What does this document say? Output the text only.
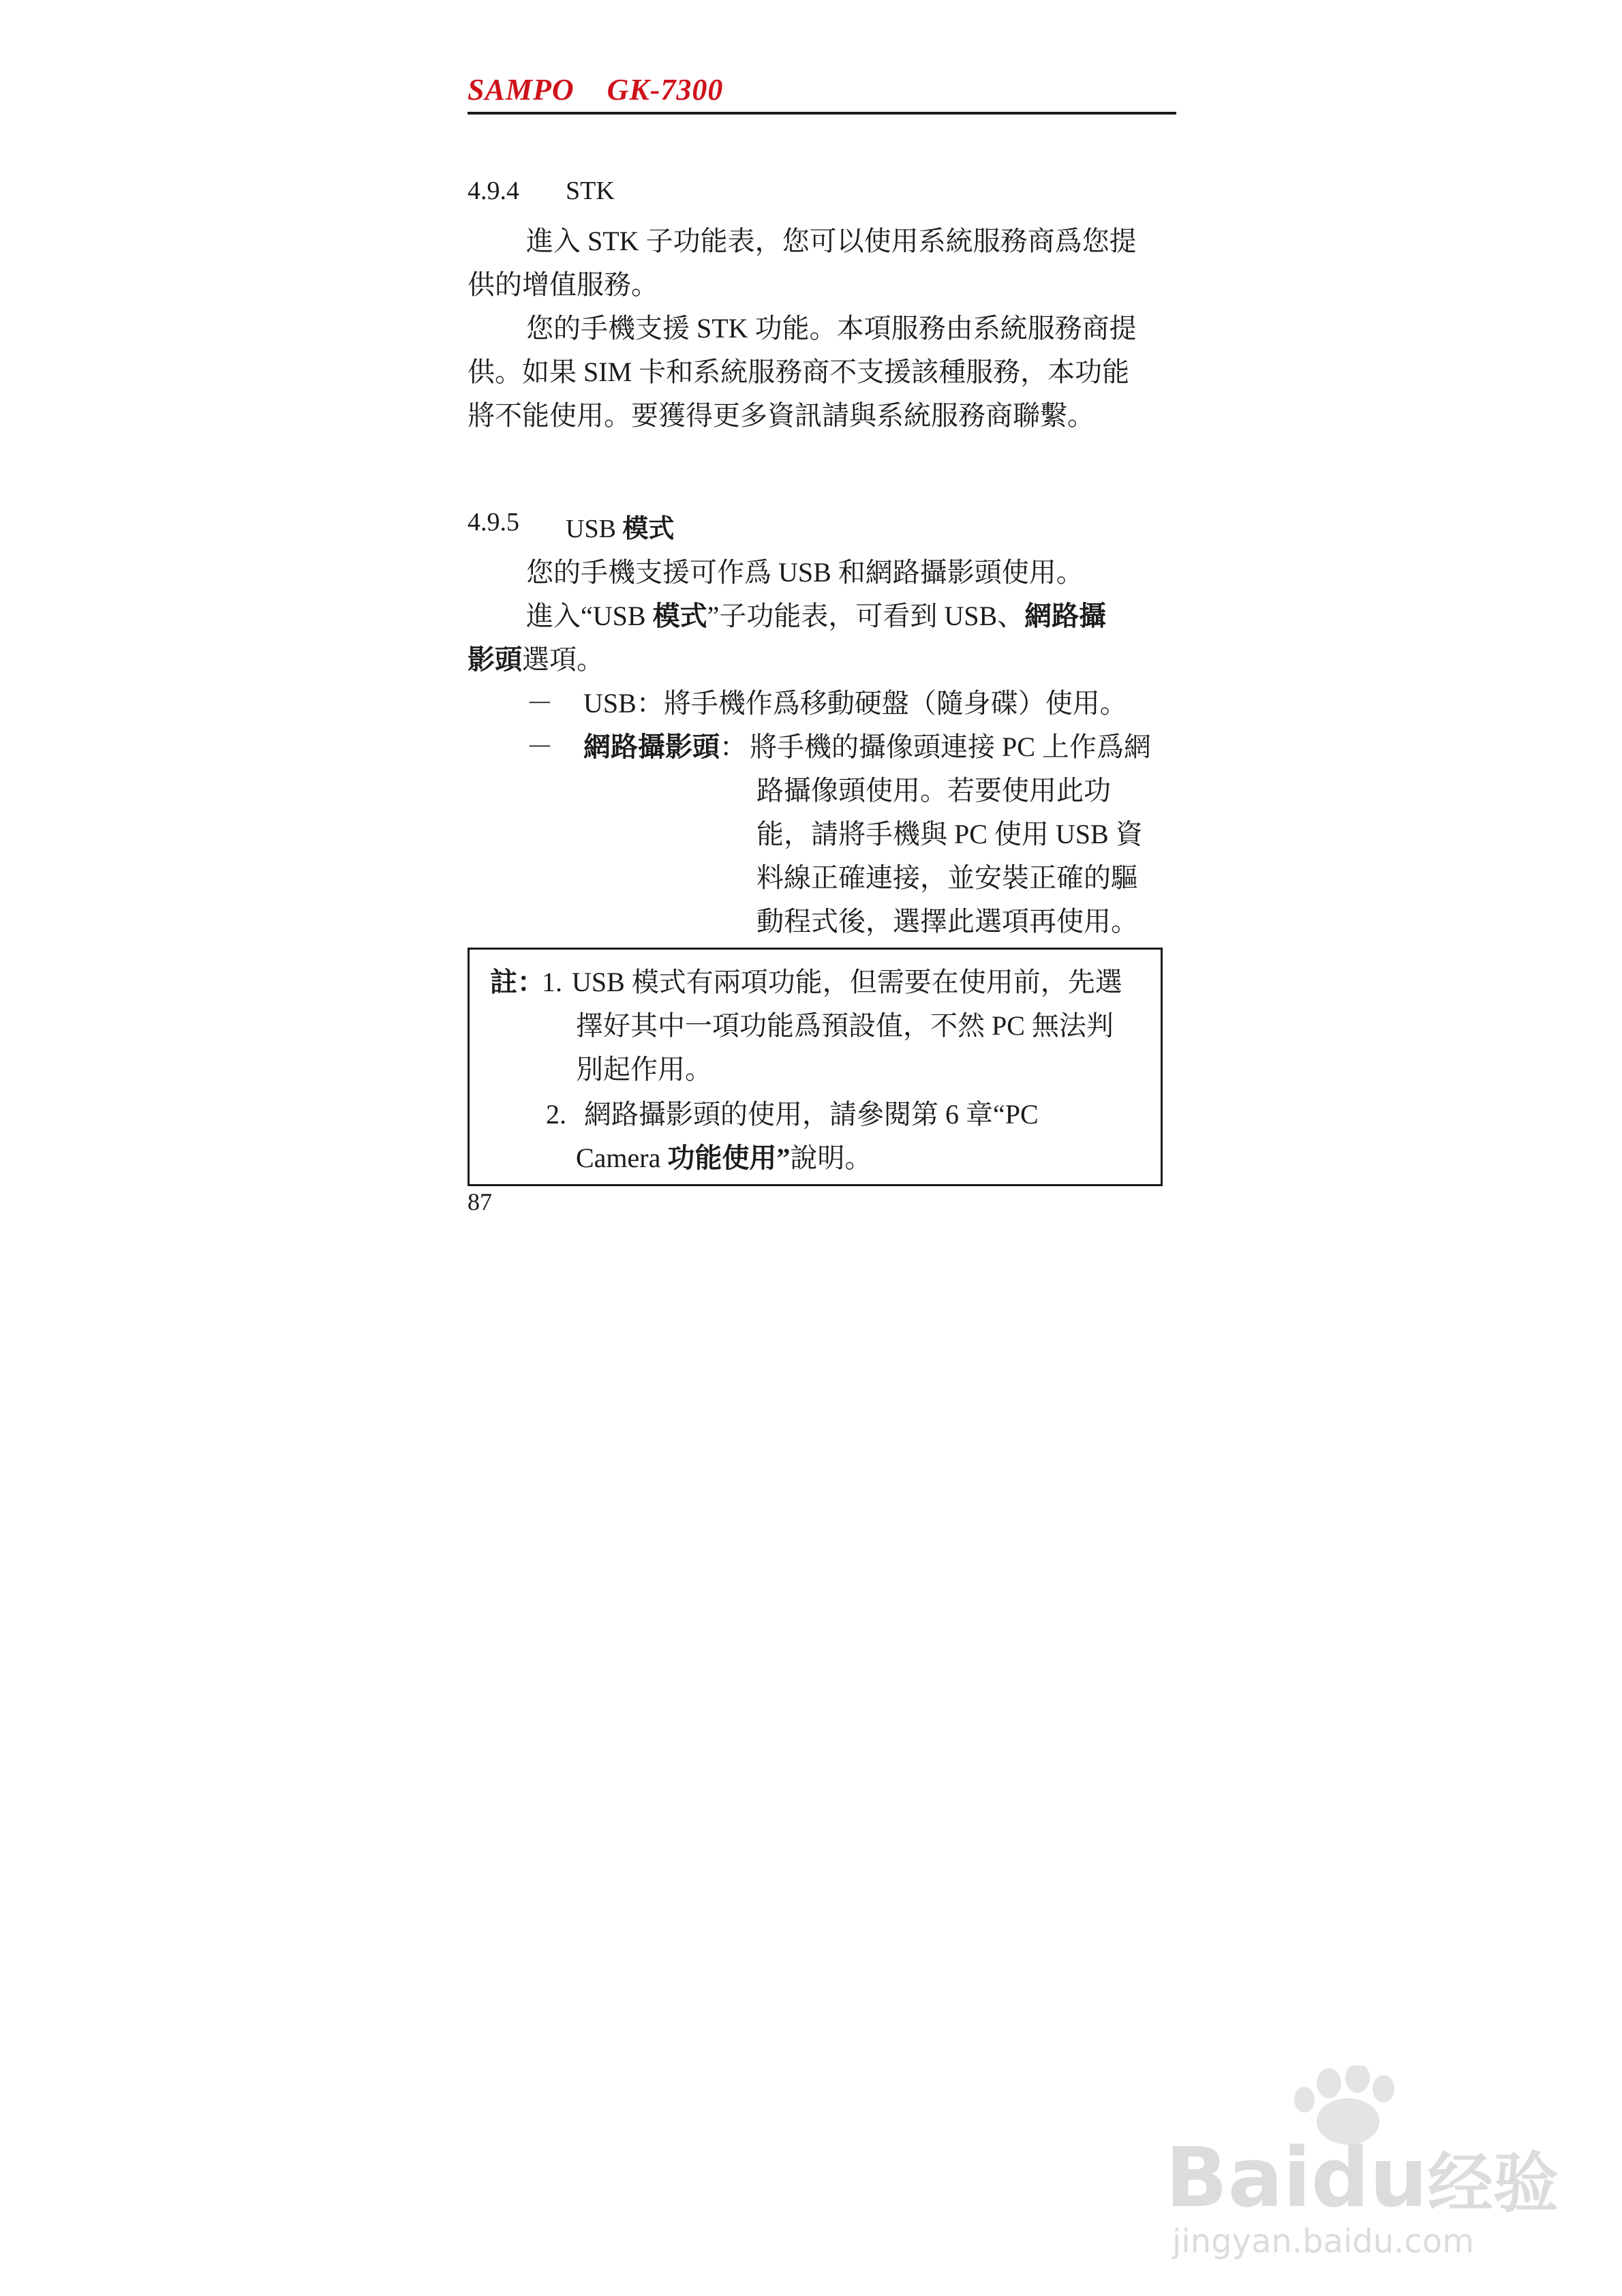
SAMPO    GK-7300
4.9.4 STK
進入 STK 子功能表，您可以使用系統服務商爲您提
供的增值服務。
您的手機支援 STK 功能。本項服務由系統服務商提
供。如果 SIM 卡和系統服務商不支援該種服務，本功能
將不能使用。要獲得更多資訊請與系統服務商聯繫。
4.9.5 USB 模式
您的手機支援可作爲 USB 和網路攝影頭使用。
進入“USB 模式”子功能表，可看到 USB、網路攝
影頭選項。
－ USB：將手機作爲移動硬盤（隨身碟）使用。
－ 網路攝影頭： 將手機的攝像頭連接 PC 上作爲網
路攝像頭使用。若要使用此功
能，請將手機與 PC 使用 USB 資
料線正確連接，並安裝正確的驅
動程式後，選擇此選項再使用。
註：
1. USB 模式有兩項功能，但需要在使用前，先選
擇好其中一項功能爲預設值，不然 PC 無法判
別起作用。
2. 網路攝影頭的使用，請參閱第 6 章“PC
Camera 功能使用”說明。
87
Baidu经验
jingyan.baidu.com
